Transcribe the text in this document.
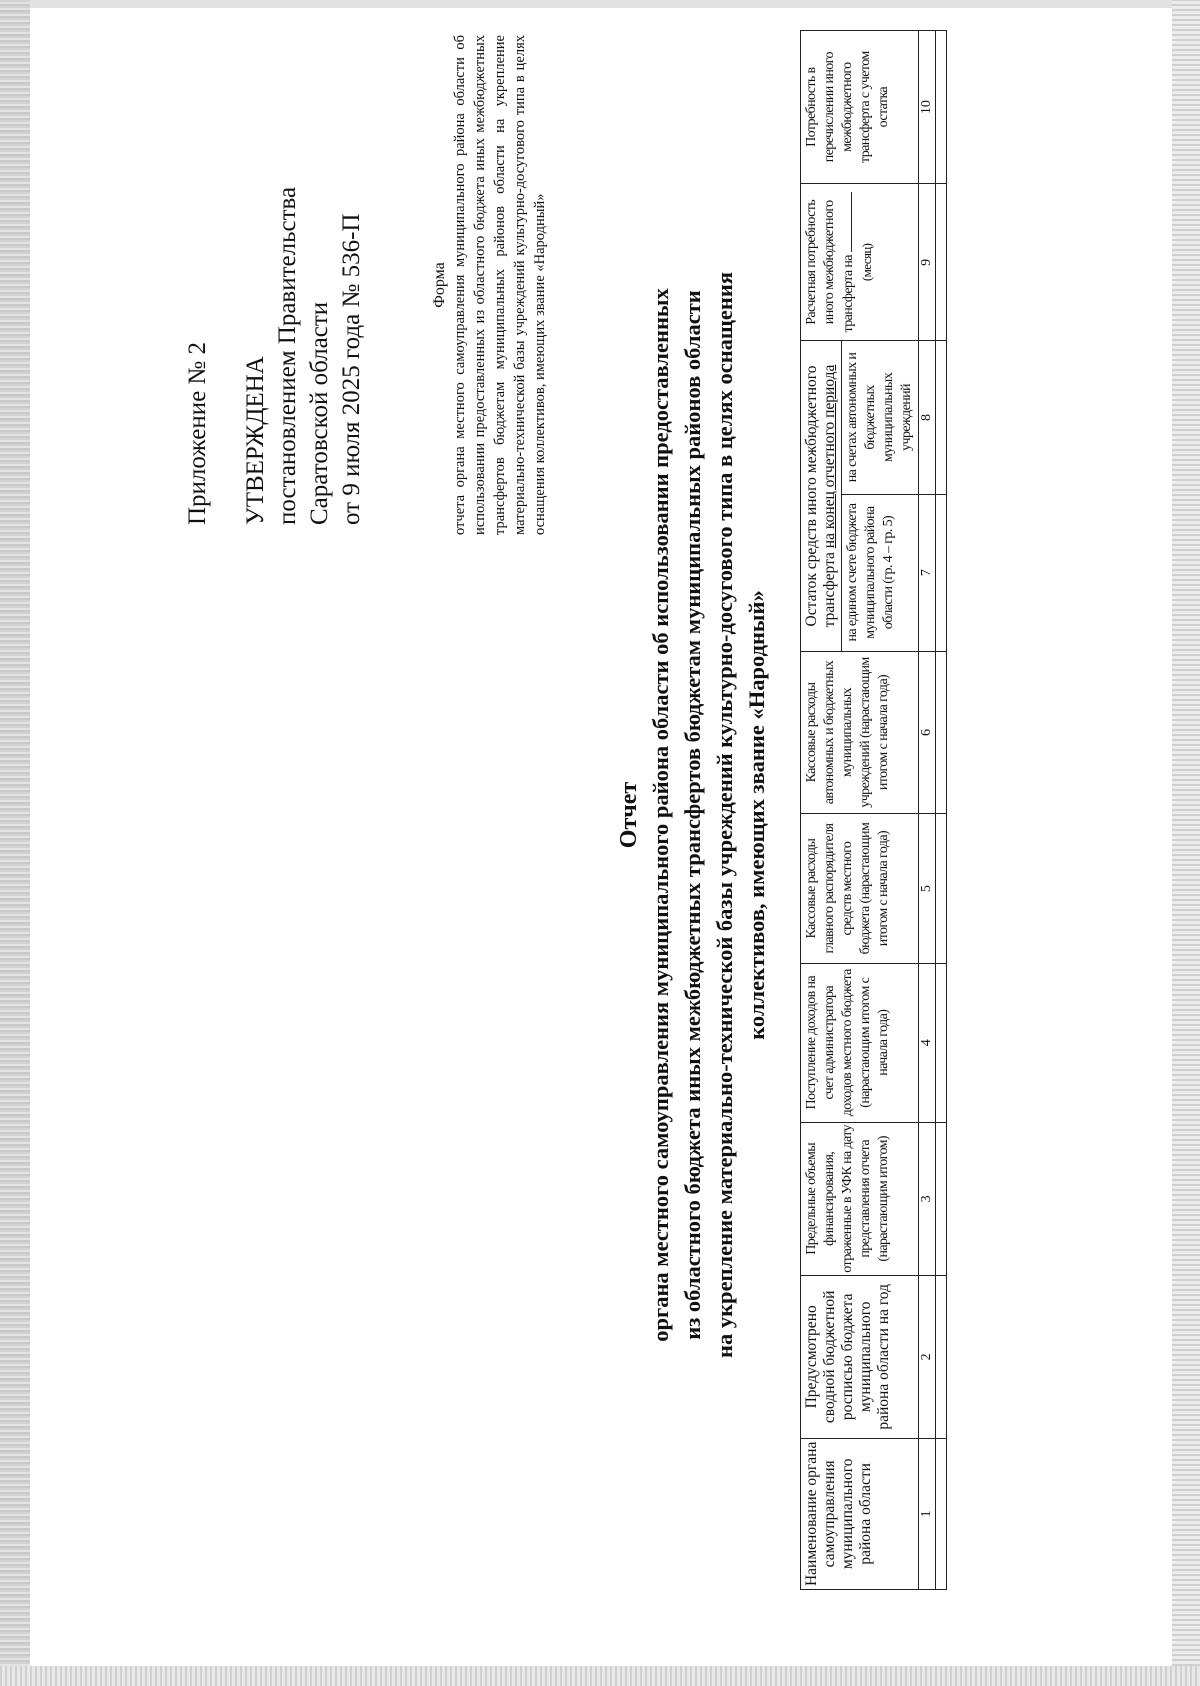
Приложение № 2 УТВЕРЖДЕНА постановлением Правительства Саратовской области от 9 июля 2025 года № 536-П	Форма отчета органа местного самоуправления муниципального района области об использовании предоставленных из областного бюджета иных межбюджетных трансфертов бюджетам муниципальных районов области на укрепление материально-технической базы учреждений культурно-досугового типа в целях оснащения коллективов, имеющих звание «Народный»
Отчет органа местного самоуправления муниципального района области об использовании предоставленных из областного бюджета иных межбюджетных трансфертов бюджетам муниципальных районов области на укрепление материально-технической базы учреждений культурно-досугового типа в целях оснащения коллективов, имеющих звание «Народный»
Наименование органа самоуправления муниципального района области	Предусмотрено сводной бюджетной росписью бюджета муниципального района области на год	Предельные объемы финансирования, отраженные в УФК на дату представления отчета (нарастающим итогом)	Поступление доходов на счет администратора доходов местного бюджета (нарастающим итогом с начала года)	Кассовые расходы главного распорядителя средств местного бюджета (нарастающим итогом с начала года)	Кассовые расходы автономных и бюджетных муниципальных учреждений (нарастающим итогом с начала года)	Остаток средств иного межбюджетного трансферта на конец отчетного периода		Расчетная потребность иного межбюджетного трансферта на (месяц)	Потребность в перечислении иного межбюджетного трансферта с учетом остатка
						на едином счете бюджета муниципального района области (гр. 4 – гр. 5)	на счетах автономных и бюджетных муниципальных учреждений		
1	2	3	4	5	6	7	8	9	10
